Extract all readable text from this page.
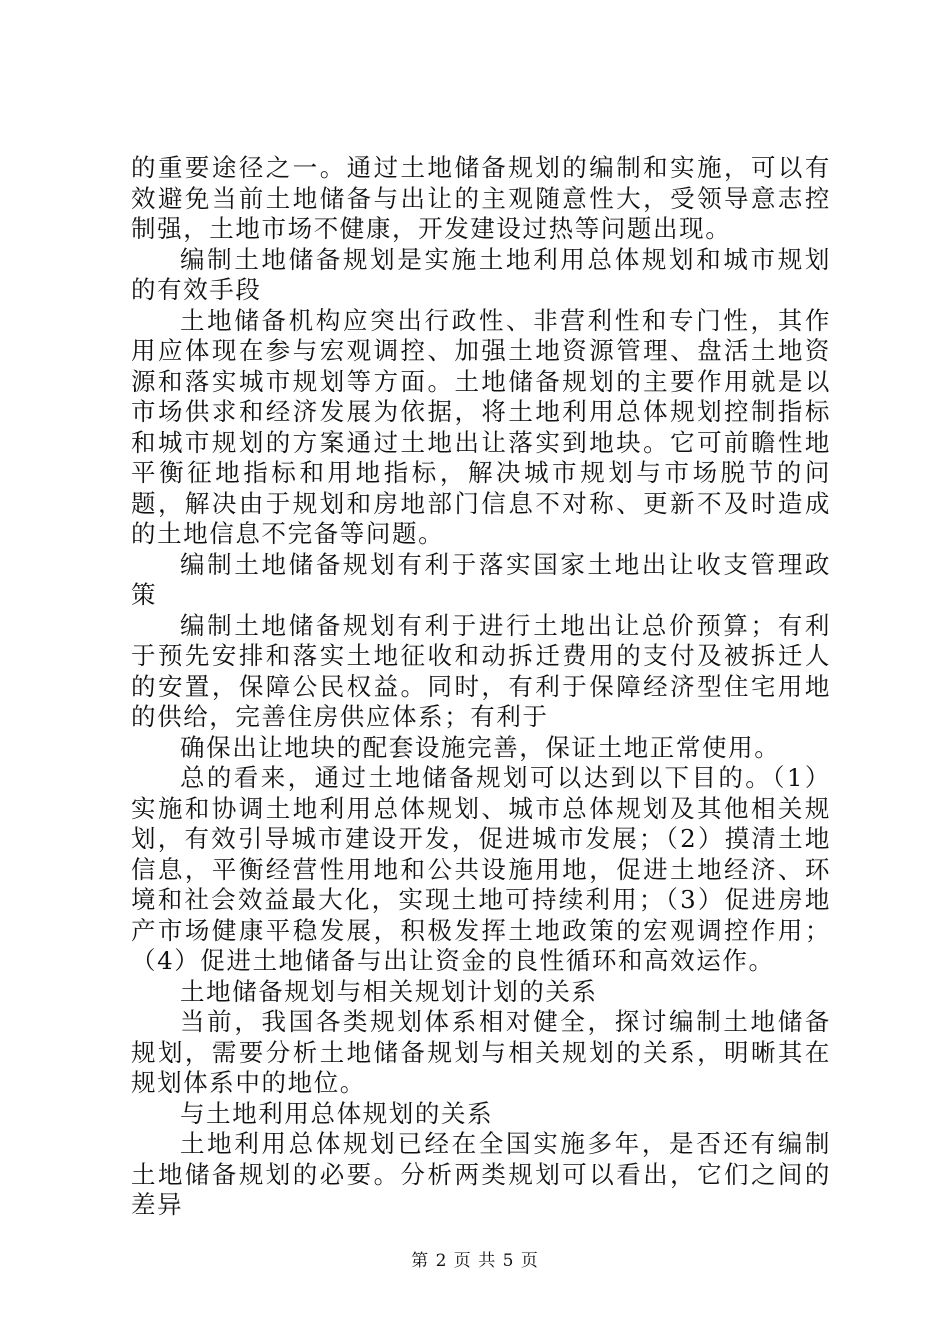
的重要途径之一。通过土地储备规划的编制和实施，可以有效避免当前土地储备与出让的主观随意性大，受领导意志控制强，土地市场不健康，开发建设过热等问题出现。

编制土地储备规划是实施土地利用总体规划和城市规划的有效手段

土地储备机构应突出行政性、非营利性和专门性，其作用应体现在参与宏观调控、加强土地资源管理、盘活土地资源和落实城市规划等方面。土地储备规划的主要作用就是以市场供求和经济发展为依据，将土地利用总体规划控制指标和城市规划的方案通过土地出让落实到地块。它可前瞻性地平衡征地指标和用地指标，解决城市规划与市场脱节的问题，解决由于规划和房地部门信息不对称、更新不及时造成的土地信息不完备等问题。

编制土地储备规划有利于落实国家土地出让收支管理政策

编制土地储备规划有利于进行土地出让总价预算；有利于预先安排和落实土地征收和动拆迁费用的支付及被拆迁人的安置，保障公民权益。同时，有利于保障经济型住宅用地的供给，完善住房供应体系；有利于

确保出让地块的配套设施完善，保证土地正常使用。

总的看来，通过土地储备规划可以达到以下目的。（1）实施和协调土地利用总体规划、城市总体规划及其他相关规划，有效引导城市建设开发，促进城市发展；（2）摸清土地信息，平衡经营性用地和公共设施用地，促进土地经济、环境和社会效益最大化，实现土地可持续利用；（3）促进房地产市场健康平稳发展，积极发挥土地政策的宏观调控作用；（4）促进土地储备与出让资金的良性循环和高效运作。

土地储备规划与相关规划计划的关系

当前，我国各类规划体系相对健全，探讨编制土地储备规划，需要分析土地储备规划与相关规划的关系，明晰其在规划体系中的地位。

与土地利用总体规划的关系

土地利用总体规划已经在全国实施多年，是否还有编制土地储备规划的必要。分析两类规划可以看出，它们之间的差异

第 2 页 共 5 页
